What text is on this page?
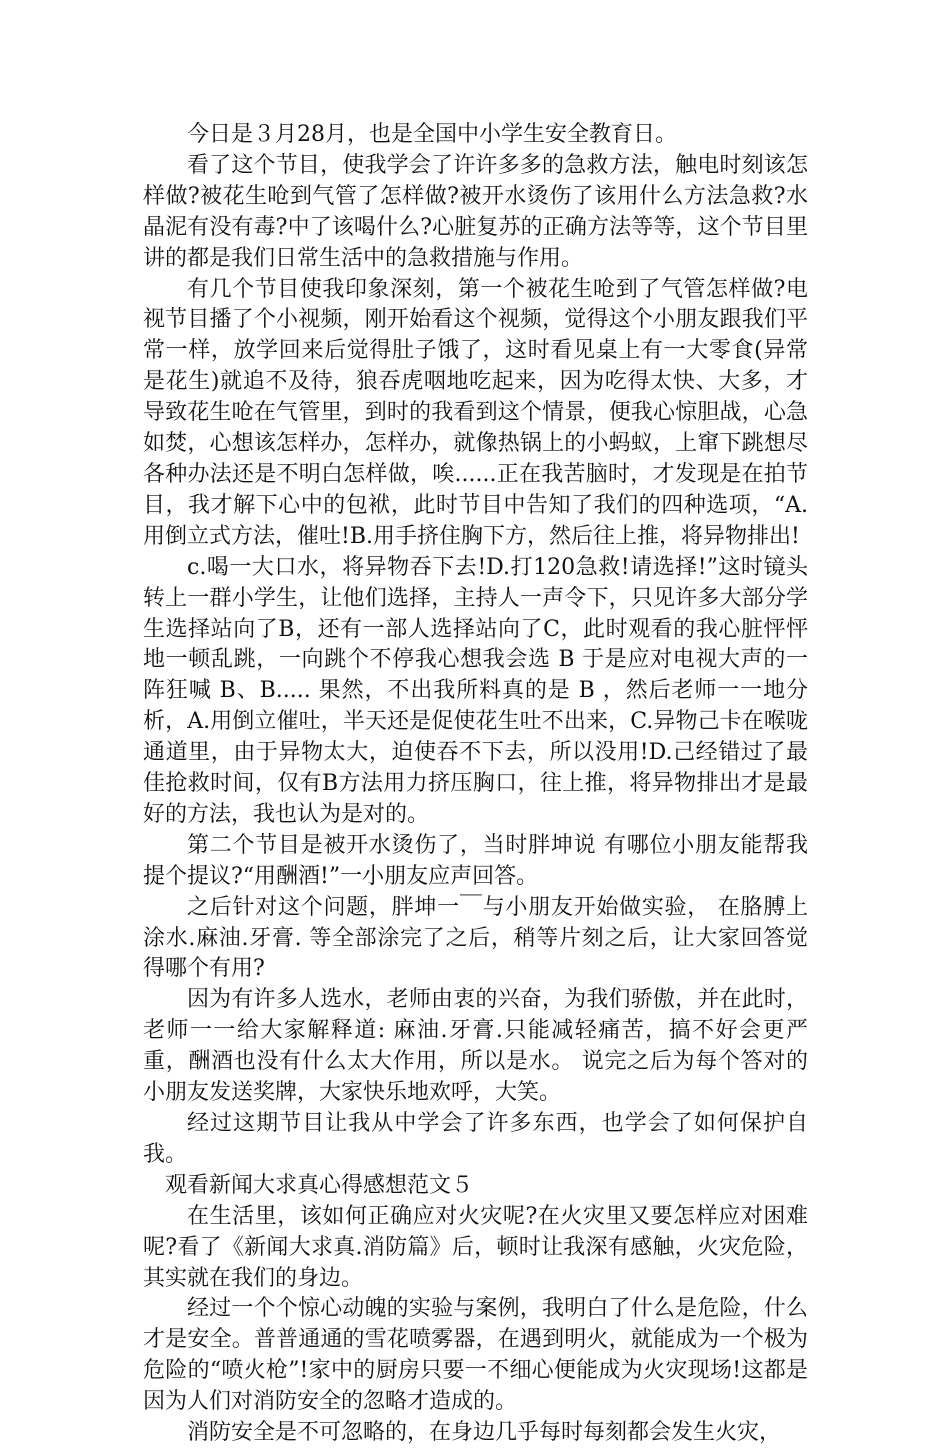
今日是３月28月，也是全国中小学生安全教育日。

看了这个节目，使我学会了许许多多的急救方法，触电时刻该怎样做?被花生呛到气管了怎样做?被开水烫伤了该用什么方法急救?水晶泥有没有毒?中了该喝什么?心脏复苏的正确方法等等，这个节目里讲的都是我们日常生活中的急救措施与作用。

有几个节目使我印象深刻，第一个被花生呛到了气管怎样做?电视节目播了个小视频，刚开始看这个视频，觉得这个小朋友跟我们平常一样，放学回来后觉得肚子饿了，这时看见桌上有一大零食(异常是花生)就追不及待，狼吞虎咽地吃起来，因为吃得太快、大多，才导致花生呛在气管里，到时的我看到这个情景，便我心惊胆战，心急如焚，心想该怎样办，怎样办，就像热锅上的小蚂蚁，上窜下跳想尽各种办法还是不明白怎样做，唉......正在我苦脑时，才发现是在拍节目，我才解下心中的包袱，此时节目中告知了我们的四种选项，“A.用倒立式方法，催吐!B.用手挤住胸下方，然后往上推，将异物排出!

c.喝一大口水，将异物吞下去!D.打120急救!请选择!”这时镜头转上一群小学生，让他们选择，主持人一声令下，只见许多大部分学生选择站向了B，还有一部人选择站向了C，此时观看的我心脏怦怦地一顿乱跳，一向跳个不停我心想我会选 B 于是应对电视大声的一阵狂喊 B、B..... 果然，不出我所料真的是 B ，然后老师一一地分析，A.用倒立催吐，半天还是促使花生吐不出来，C.异物己卡在喉咙通道里，由于异物太大，迫使吞不下去，所以没用!D.己经错过了最佳抢救时间，仅有B方法用力挤压胸口，往上推，将异物排出才是最好的方法，我也认为是对的。

第二个节目是被开水烫伤了，当时胖坤说 有哪位小朋友能帮我提个提议?“用酬酒!”一小朋友应声回答。

之后针对这个问题，胖坤一￣与小朋友开始做实验， 在胳膊上涂水.麻油.牙膏. 等全部涂完了之后，稍等片刻之后，让大家回答觉得哪个有用?

因为有许多人选水，老师由衷的兴奋，为我们骄傲，并在此时，老师一一给大家解释道: 麻油.牙膏.只能减轻痛苦，搞不好会更严重，酬酒也没有什么太大作用，所以是水。 说完之后为每个答对的小朋友发送奖牌，大家快乐地欢呼，大笑。

经过这期节目让我从中学会了许多东西，也学会了如何保护自我。

观看新闻大求真心得感想范文５

在生活里，该如何正确应对火灾呢?在火灾里又要怎样应对困难呢?看了《新闻大求真.消防篇》后，顿时让我深有感触，火灾危险，其实就在我们的身边。

经过一个个惊心动魄的实验与案例，我明白了什么是危险，什么才是安全。普普通通的雪花喷雾器，在遇到明火，就能成为一个极为危险的“喷火枪”!家中的厨房只要一不细心便能成为火灾现场!这都是因为人们对消防安全的忽略才造成的。

消防安全是不可忽略的，在身边几乎每时每刻都会发生火灾，
